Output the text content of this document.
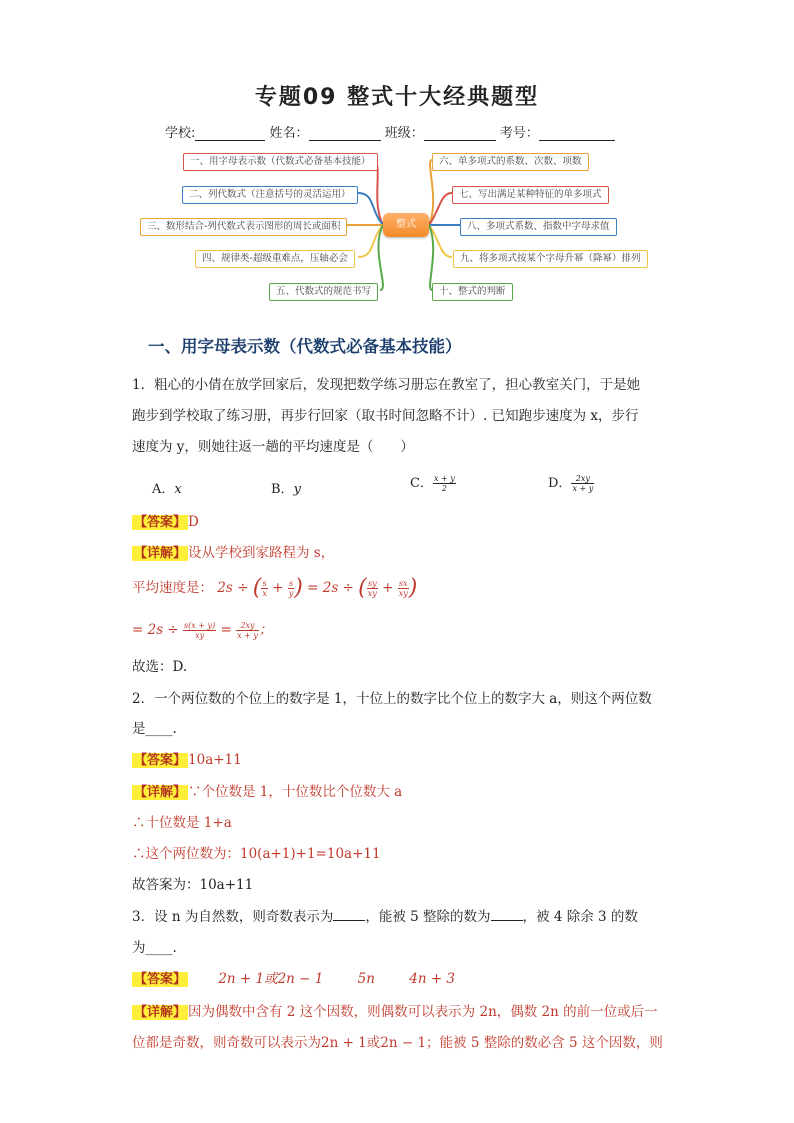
专题09 整式十大经典题型
学校:	姓名：	班级：	考号：
一、用字母表示数（代数式必备基本技能）
二、列代数式（注意括号的灵活运用）
三、数形结合-列代数式表示图形的周长或面积
四、规律类-超级重难点，压轴必会
五、代数式的规范书写
整式
六、单多项式的系数、次数、项数
七、写出满足某种特征的单多项式
八、多项式系数、指数中字母求值
九、将多项式按某个字母升幂（降幂）排列
十、整式的判断
一、用字母表示数（代数式必备基本技能）
1．粗心的小倩在放学回家后，发现把数学练习册忘在教室了，担心教室关门，于是她
跑步到学校取了练习册，再步行回家（取书时间忽略不计）. 已知跑步速度为 x，步行
速度为 y，则她往返一趟的平均速度是（　　）
A．x	B．y	C． $\frac{x + y}{2}$	D． $\frac{2xy}{x + y}$
【答案】 D
【详解】 设从学校到家路程为 s，
平均速度是： 2s ÷ ( $\frac{s}{x} + \frac{s}{y}$ ) = 2s ÷ ( $\frac{sy}{xy} + \frac{sx}{xy}$ )
= $2s \div \frac{s(x + y)}{xy} = \frac{2xy}{x + y}$ ；
故选：D.
2．一个两位数的个位上的数字是 1，十位上的数字比个位上的数字大 a，则这个两位数
是____.
【答案】 10a+11
【详解】 ∵个位数是 1，十位数比个位数大 a
∴十位数是 1+a
∴这个两位数为：10(a+1)+1=10a+11
故答案为：10a+11
3．设 n 为自然数，则奇数表示为 ，能被 5 整除的数为 ，被 4 除余 3 的数
为____.
【答案】 2n + 1或2n − 1	5n	4n + 3
【详解】 因为偶数中含有 2 这个因数，则偶数可以表示为 2n，偶数 2n 的前一位或后一
位都是奇数，则奇数可以表示为2n + 1或2n − 1；能被 5 整除的数必含 5 这个因数，则
